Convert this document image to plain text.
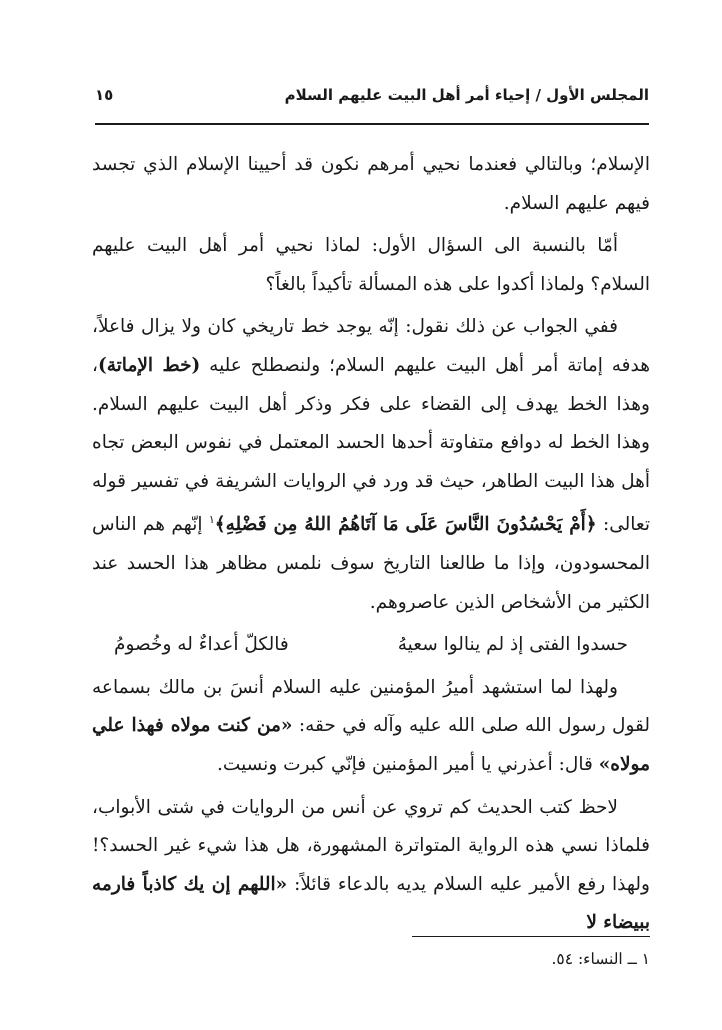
المجلس الأول / إحياء أمر أهل البيت عليهم السلام
١٥

الإسلام؛ وبالتالي فعندما نحيي أمرهم نكون قد أحيينا الإسلام الذي تجسد فيهم عليهم السلام.

أمّا بالنسبة الى السؤال الأول: لماذا نحيي أمر أهل البيت عليهم السلام؟ ولماذا أكدوا على هذه المسألة تأكيداً بالغاً؟

ففي الجواب عن ذلك نقول: إنّه يوجد خط تاريخي كان ولا يزال فاعلاً، هدفه إماتة أمر أهل البيت عليهم السلام؛ ولنصطلح عليه (خط الإماتة)، وهذا الخط يهدف إلى القضاء على فكر وذكر أهل البيت عليهم السلام. وهذا الخط له دوافع متفاوتة أحدها الحسد المعتمل في نفوس البعض تجاه أهل هذا البيت الطاهر، حيث قد ورد في الروايات الشريفة في تفسير قوله تعالى: ﴿أَمْ يَحْسُدُونَ النَّاسَ عَلَى مَا آتَاهُمُ اللهُ مِن فَضْلِهِ﴾$^١$ إنّهم هم الناس المحسودون، وإذا ما طالعنا التاريخ سوف نلمس مظاهر هذا الحسد عند الكثير من الأشخاص الذين عاصروهم.

حسدوا الفتى إذ لم ينالوا سعيهُ
فالكلّ أعداءٌ له وخُصومُ

ولهذا لما استشهد أميرُ المؤمنين عليه السلام أنسَ بن مالك بسماعه لقول رسول الله صلى الله عليه وآله في حقه: «من كنت مولاه فهذا علي مولاه» قال: أعذرني يا أمير المؤمنين فإنّي كبرت ونسيت.

لاحظ كتب الحديث كم تروي عن أنس من الروايات في شتى الأبواب، فلماذا نسي هذه الرواية المتواترة المشهورة، هل هذا شيء غير الحسد؟! ولهذا رفع الأمير عليه السلام يديه بالدعاء قائلاً: «اللهم إن يك كاذباً فارمه ببيضاء لا

١ ــ النساء: ٥٤.
